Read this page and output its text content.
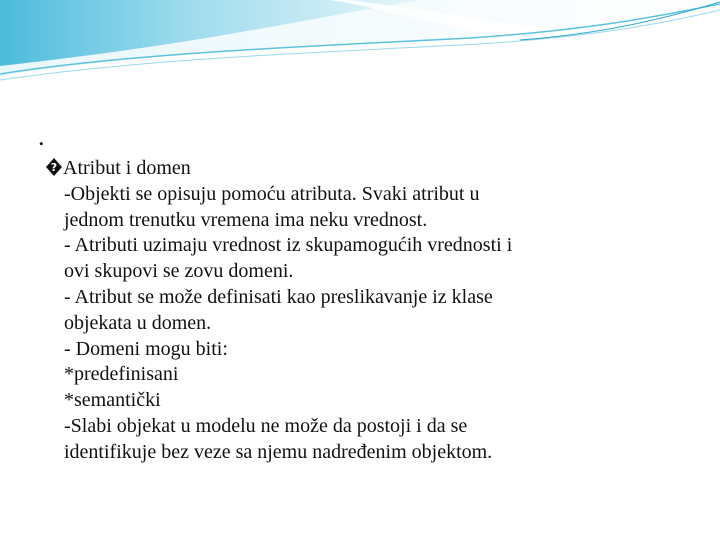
.
? Atribut i domen
-Objekti se opisuju pomoću atributa. Svaki atribut u
jednom trenutku vremena ima neku vrednost.
- Atributi uzimaju vrednost iz skupamogućih vrednosti i
ovi skupovi se zovu domeni.
- Atribut se može definisati kao preslikavanje iz klase
objekata u domen.
- Domeni mogu biti:
*predefinisani
*semantički
-Slabi objekat u modelu ne može da postoji i da se
identifikuje bez veze sa njemu nadređenim objektom.
